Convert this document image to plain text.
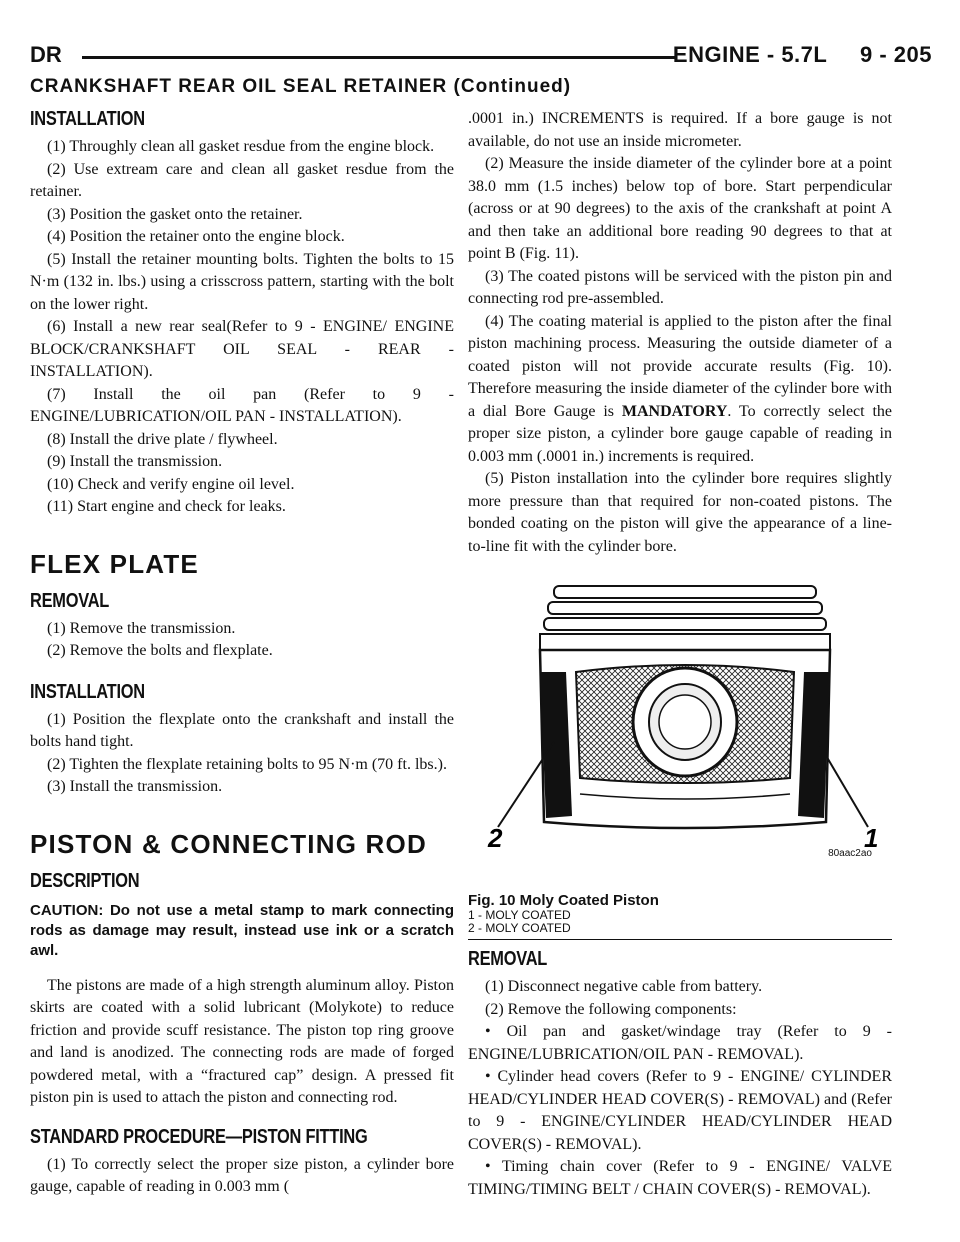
DR	ENGINE - 5.7L     9 - 205
CRANKSHAFT REAR OIL SEAL RETAINER (Continued)
INSTALLATION

(1) Throughly clean all gasket resdue from the engine block.

(2) Use extream care and clean all gasket resdue from the retainer.

(3) Position the gasket onto the retainer.

(4) Position the retainer onto the engine block.

(5) Install the retainer mounting bolts. Tighten the bolts to 15 N·m (132 in. lbs.) using a crisscross pattern, starting with the bolt on the lower right.

(6) Install a new rear seal(Refer to 9 - ENGINE/ ENGINE BLOCK/CRANKSHAFT OIL SEAL - REAR - INSTALLATION).

(7) Install the oil pan (Refer to 9 - ENGINE/LUBRICATION/OIL PAN - INSTALLATION).

(8) Install the drive plate / flywheel.

(9) Install the transmission.

(10) Check and verify engine oil level.

(11) Start engine and check for leaks.

FLEX PLATE
REMOVAL

(1) Remove the transmission.

(2) Remove the bolts and flexplate.

INSTALLATION

(1) Position the flexplate onto the crankshaft and install the bolts hand tight.

(2) Tighten the flexplate retaining bolts to 95 N·m (70 ft. lbs.).

(3) Install the transmission.

PISTON & CONNECTING ROD
DESCRIPTION
CAUTION: Do not use a metal stamp to mark connecting rods as damage may result, instead use ink or a scratch awl.

The pistons are made of a high strength aluminum alloy. Piston skirts are coated with a solid lubricant (Molykote) to reduce friction and provide scuff resistance. The piston top ring groove and land is anodized. The connecting rods are made of forged powdered metal, with a “fractured cap” design. A pressed fit piston pin is used to attach the piston and connecting rod.

STANDARD PROCEDURE—PISTON FITTING

(1) To correctly select the proper size piston, a cylinder bore gauge, capable of reading in 0.003 mm (

.0001 in.) INCREMENTS is required. If a bore gauge is not available, do not use an inside micrometer.

(2) Measure the inside diameter of the cylinder bore at a point 38.0 mm (1.5 inches) below top of bore. Start perpendicular (across or at 90 degrees) to the axis of the crankshaft at point A and then take an additional bore reading 90 degrees to that at point B (Fig. 11).

(3) The coated pistons will be serviced with the piston pin and connecting rod pre-assembled.

(4) The coating material is applied to the piston after the final piston machining process. Measuring the outside diameter of a coated piston will not provide accurate results (Fig. 10). Therefore measuring the inside diameter of the cylinder bore with a dial Bore Gauge is MANDATORY. To correctly select the proper size piston, a cylinder bore gauge capable of reading in 0.003 mm (.0001 in.) increments is required.

(5) Piston installation into the cylinder bore requires slightly more pressure than that required for non-coated pistons. The bonded coating on the piston will give the appearance of a line-to-line fit with the cylinder bore.

2	1
80aac2ao
Fig. 10 Moly Coated Piston
1 - MOLY COATED
2 - MOLY COATED
REMOVAL

(1) Disconnect negative cable from battery.

(2) Remove the following components:

• Oil pan and gasket/windage tray (Refer to 9 - ENGINE/LUBRICATION/OIL PAN - REMOVAL).

• Cylinder head covers (Refer to 9 - ENGINE/ CYLINDER HEAD/CYLINDER HEAD COVER(S) - REMOVAL) and (Refer to 9 - ENGINE/CYLINDER HEAD/CYLINDER HEAD COVER(S) - REMOVAL).

• Timing chain cover (Refer to 9 - ENGINE/ VALVE TIMING/TIMING BELT / CHAIN COVER(S) - REMOVAL).
